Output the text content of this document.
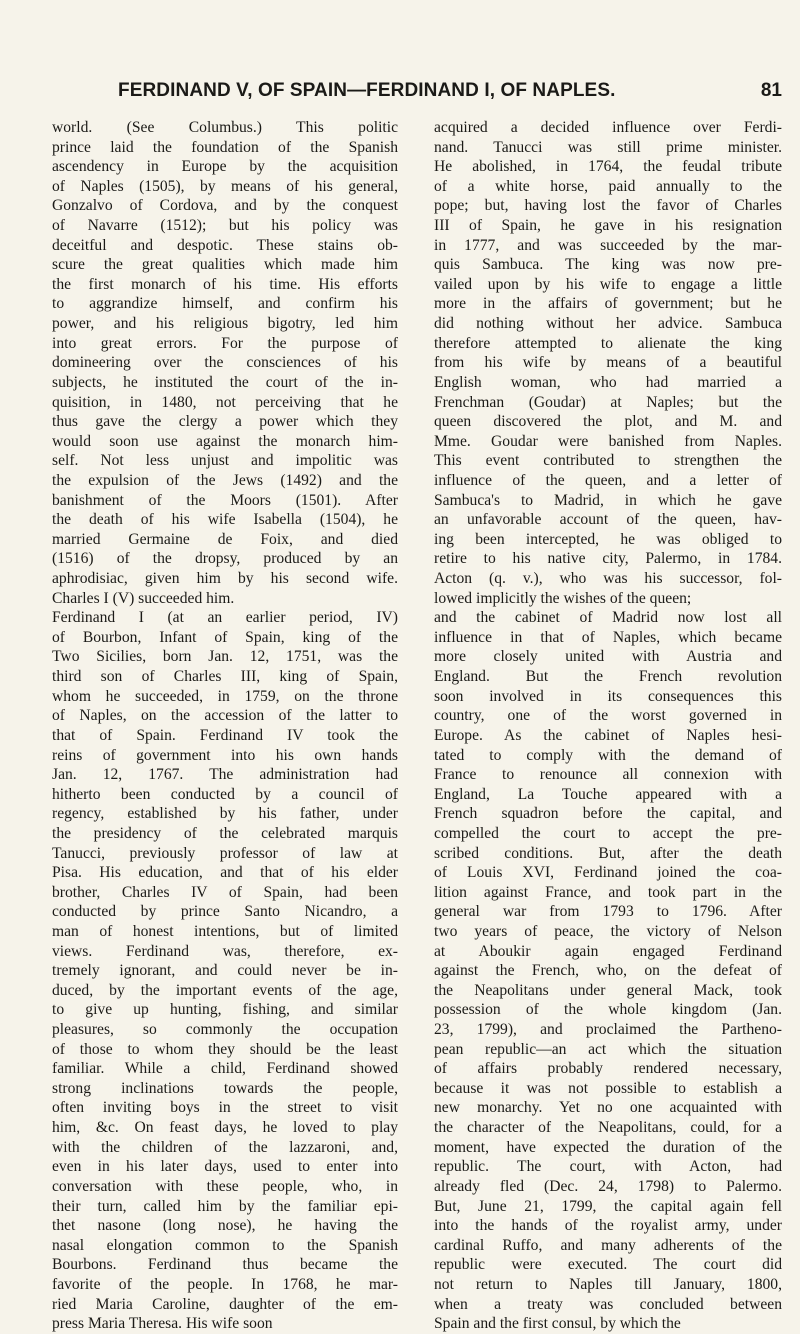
FERDINAND V, OF SPAIN—FERDINAND I, OF NAPLES.	81
world. (See Columbus.) This politic
prince laid the foundation of the Spanish
ascendency in Europe by the acquisition
of Naples (1505), by means of his general,
Gonzalvo of Cordova, and by the conquest
of Navarre (1512); but his policy was
deceitful and despotic. These stains ob-
scure the great qualities which made him
the first monarch of his time. His efforts
to aggrandize himself, and confirm his
power, and his religious bigotry, led him
into great errors. For the purpose of
domineering over the consciences of his
subjects, he instituted the court of the in-
quisition, in 1480, not perceiving that he
thus gave the clergy a power which they
would soon use against the monarch him-
self. Not less unjust and impolitic was
the expulsion of the Jews (1492) and the
banishment of the Moors (1501). After
the death of his wife Isabella (1504), he
married Germaine de Foix, and died
(1516) of the dropsy, produced by an
aphrodisiac, given him by his second wife.
Charles I (V) succeeded him.
Ferdinand I (at an earlier period, IV)
of Bourbon, Infant of Spain, king of the
Two Sicilies, born Jan. 12, 1751, was the
third son of Charles III, king of Spain,
whom he succeeded, in 1759, on the throne
of Naples, on the accession of the latter to
that of Spain. Ferdinand IV took the
reins of government into his own hands
Jan. 12, 1767. The administration had
hitherto been conducted by a council of
regency, established by his father, under
the presidency of the celebrated marquis
Tanucci, previously professor of law at
Pisa. His education, and that of his elder
brother, Charles IV of Spain, had been
conducted by prince Santo Nicandro, a
man of honest intentions, but of limited
views. Ferdinand was, therefore, ex-
tremely ignorant, and could never be in-
duced, by the important events of the age,
to give up hunting, fishing, and similar
pleasures, so commonly the occupation
of those to whom they should be the least
familiar. While a child, Ferdinand showed
strong inclinations towards the people,
often inviting boys in the street to visit
him, &c. On feast days, he loved to play
with the children of the lazzaroni, and,
even in his later days, used to enter into
conversation with these people, who, in
their turn, called him by the familiar epi-
thet nasone (long nose), he having the
nasal elongation common to the Spanish
Bourbons. Ferdinand thus became the
favorite of the people. In 1768, he mar-
ried Maria Caroline, daughter of the em-
press Maria Theresa. His wife soon
acquired a decided influence over Ferdi-
nand. Tanucci was still prime minister.
He abolished, in 1764, the feudal tribute
of a white horse, paid annually to the
pope; but, having lost the favor of Charles
III of Spain, he gave in his resignation
in 1777, and was succeeded by the mar-
quis Sambuca. The king was now pre-
vailed upon by his wife to engage a little
more in the affairs of government; but he
did nothing without her advice. Sambuca
therefore attempted to alienate the king
from his wife by means of a beautiful
English woman, who had married a
Frenchman (Goudar) at Naples; but the
queen discovered the plot, and M. and
Mme. Goudar were banished from Naples.
This event contributed to strengthen the
influence of the queen, and a letter of
Sambuca's to Madrid, in which he gave
an unfavorable account of the queen, hav-
ing been intercepted, he was obliged to
retire to his native city, Palermo, in 1784.
Acton (q. v.), who was his successor, fol-
lowed implicitly the wishes of the queen;
and the cabinet of Madrid now lost all
influence in that of Naples, which became
more closely united with Austria and
England. But the French revolution
soon involved in its consequences this
country, one of the worst governed in
Europe. As the cabinet of Naples hesi-
tated to comply with the demand of
France to renounce all connexion with
England, La Touche appeared with a
French squadron before the capital, and
compelled the court to accept the pre-
scribed conditions. But, after the death
of Louis XVI, Ferdinand joined the coa-
lition against France, and took part in the
general war from 1793 to 1796. After
two years of peace, the victory of Nelson
at Aboukir again engaged Ferdinand
against the French, who, on the defeat of
the Neapolitans under general Mack, took
possession of the whole kingdom (Jan.
23, 1799), and proclaimed the Partheno-
pean republic—an act which the situation
of affairs probably rendered necessary,
because it was not possible to establish a
new monarchy. Yet no one acquainted with
the character of the Neapolitans, could, for a
moment, have expected the duration of the
republic. The court, with Acton, had
already fled (Dec. 24, 1798) to Palermo.
But, June 21, 1799, the capital again fell
into the hands of the royalist army, under
cardinal Ruffo, and many adherents of the
republic were executed. The court did
not return to Naples till January, 1800,
when a treaty was concluded between
Spain and the first consul, by which the
